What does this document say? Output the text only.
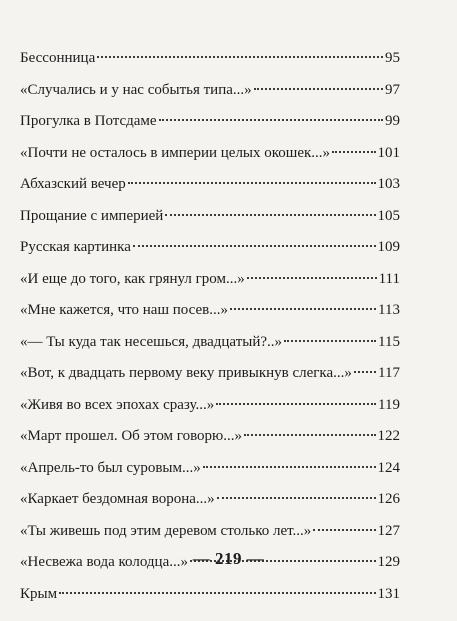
Бессонница	95
«Случались и у нас событья типа...»	97
Прогулка в Потсдаме	99
«Почти не осталось в империи целых окошек...»	101
Абхазский вечер	103
Прощание с империей	105
Русская картинка	109
«И еще до того, как грянул гром...»	111
«Мне кажется, что наш посев...»	113
«— Ты куда так несешься, двадцатый?..»	115
«Вот, к двадцать первому веку привыкнув слегка...» 117
«Живя во всех эпохах сразу...»	119
«Март прошел. Об этом говорю...»	122
«Апрель-то был суровым...»	124
«Каркает бездомная ворона...»	126
«Ты живешь под этим деревом столько лет...»	127
«Несвежа вода колодца...»	129
Крым	131
— 219 —
